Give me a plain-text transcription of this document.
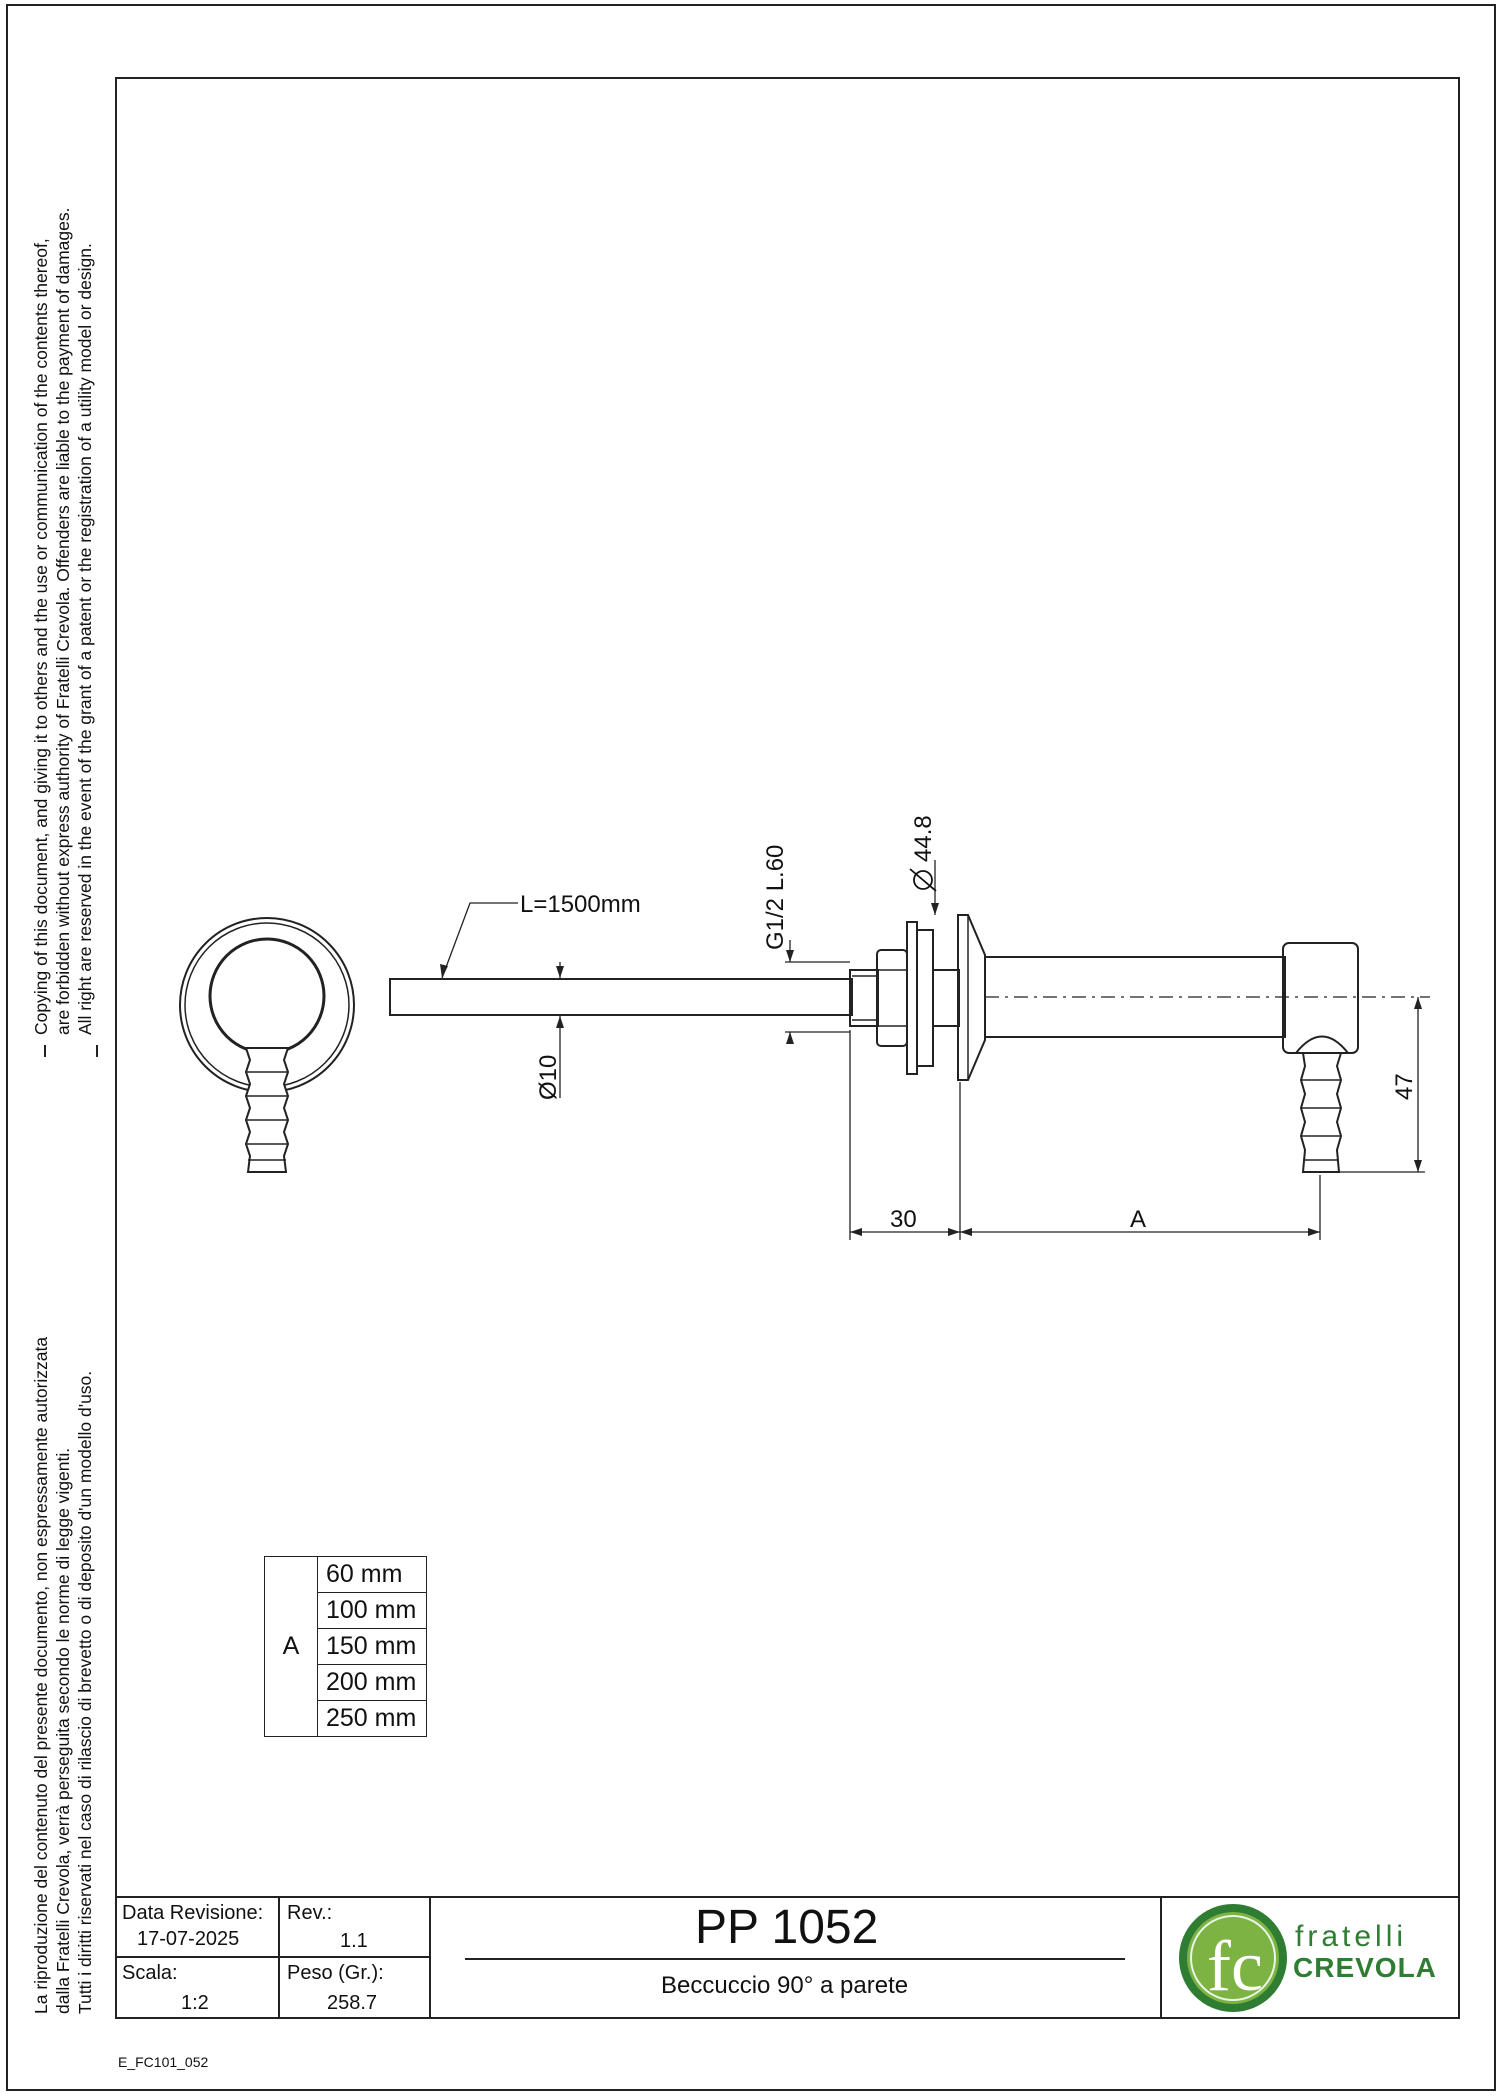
Copying of this document, and giving it to others and the use or communication of the contents thereof, are forbidden without express authority of Fratelli Crevola. Offenders are liable to the payment of damages. All right are reserved in the event of the grant of a patent or the registration of a utility model or design.
La riproduzione del contenuto del presente documento, non espressamente autorizzata dalla Fratelli Crevola, verrà perseguita secondo le norme di legge vigenti. Tutti i diritti riservati nel caso di rilascio di brevetto o di deposito d'un modello d'uso.
L=1500mm
Ø10
G1/2 L.60
44.8
30	A
47
A	60 mm
100 mm
150 mm
200 mm
250 mm
Data Revisione:
17-07-2025
Rev.:
1.1
Scala:
1:2
Peso (Gr.):
258.7
PP 1052
Beccuccio 90° a parete	fc fratelli
CREVOLA
E_FC101_052
